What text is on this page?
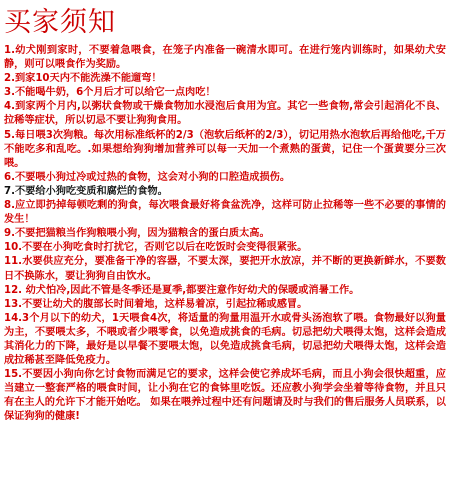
买家须知

1.幼犬刚到家时，不要着急喂食，在笼子内准备一碗清水即可。在进行笼内训练时，如果幼犬安静，则可以喂食作为奖励。

2.到家10天内不能洗澡不能遛弯！

3.不能喝牛奶，6个月后才可以给它一点肉吃！

4.到家两个月内,以粥状食物或干燥食物加水浸泡后食用为宜。其它一些食物,常会引起消化不良、拉稀等症状，所以切忌不要让狗狗食用。

5.每日喂3次狗粮。每次用标准纸杯的2/3（泡软后纸杯的2/3），切记用热水泡软后再给他吃,千万不能吃多和乱吃。.如果想给狗狗增加营养可以每一天加一个煮熟的蛋黄，记住一个蛋黄要分三次喂。

6.不要喂小狗过冷或过热的食物，这会对小狗的口腔造成损伤。

7.不要给小狗吃变质和腐烂的食物。

8.应立即扔掉每顿吃剩的狗食，每次喂食最好将食盆洗净，这样可防止拉稀等一些不必要的事情的发生！

9.不要把猫粮当作狗粮喂小狗，因为猫粮含的蛋白质太高。

10.不要在小狗吃食时打扰它，否则它以后在吃饭时会变得很紧张。

11.水要供应充分，要准备干净的容器，不要太深，要把开水放凉，并不断的更换新鲜水，不要数日不换陈水，要让狗狗自由饮水。

12. 幼犬怕冷,因此不管是冬季还是夏季,都要注意作好幼犬的保暖或消暑工作。

13.不要让幼犬的腹部长时间着地，这样易着凉，引起拉稀或感冒。

14.3个月以下的幼犬，1天喂食4次，将适量的狗量用温开水或骨头汤泡软了喂。食物最好以狗量为主，不要喂太多，不喂或者少喂零食，以免造成挑食的毛病。切忌把幼犬喂得太饱，这样会造成其消化力的下降，最好是以早餐不要喂太饱，以免造成挑食毛病，切忌把幼犬喂得太饱，这样会造成拉稀甚至降低免疫力。

15.不要因小狗向你乞讨食物而满足它的要求，这样会使它养成坏毛病，而且小狗会很快超重，应当建立一整套严格的喂食时间，让小狗在它的食钵里吃饭。还应教小狗学会坐着等待食物，并且只有在主人的允许下才能开始吃。 如果在喂养过程中还有问题请及时与我们的售后服务人员联系，以保证狗狗的健康!
